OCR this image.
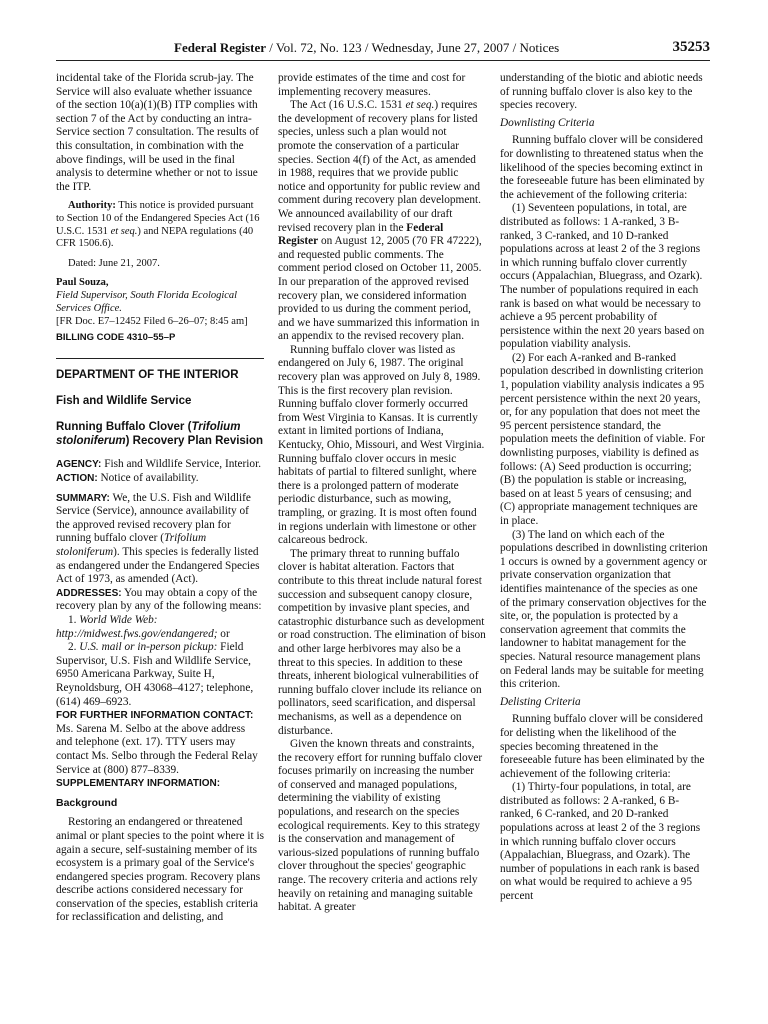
Federal Register / Vol. 72, No. 123 / Wednesday, June 27, 2007 / Notices	35253

incidental take of the Florida scrub-jay. The Service will also evaluate whether issuance of the section 10(a)(1)(B) ITP complies with section 7 of the Act by conducting an intra-Service section 7 consultation. The results of this consultation, in combination with the above findings, will be used in the final analysis to determine whether or not to issue the ITP.

Authority: This notice is provided pursuant to Section 10 of the Endangered Species Act (16 U.S.C. 1531 et seq.) and NEPA regulations (40 CFR 1506.6).

Dated: June 21, 2007.

Paul Souza,

Field Supervisor, South Florida Ecological Services Office.

[FR Doc. E7–12452 Filed 6–26–07; 8:45 am]

BILLING CODE 4310–55–P

DEPARTMENT OF THE INTERIOR

Fish and Wildlife Service

Running Buffalo Clover (Trifolium stoloniferum) Recovery Plan Revision

AGENCY: Fish and Wildlife Service, Interior.

ACTION: Notice of availability.

SUMMARY: We, the U.S. Fish and Wildlife Service (Service), announce availability of the approved revised recovery plan for running buffalo clover (Trifolium stoloniferum). This species is federally listed as endangered under the Endangered Species Act of 1973, as amended (Act).

ADDRESSES: You may obtain a copy of the recovery plan by any of the following means:

1. World Wide Web: http://midwest.fws.gov/endangered; or

2. U.S. mail or in-person pickup: Field Supervisor, U.S. Fish and Wildlife Service, 6950 Americana Parkway, Suite H, Reynoldsburg, OH 43068–4127; telephone, (614) 469–6923.

FOR FURTHER INFORMATION CONTACT: Ms. Sarena M. Selbo at the above address and telephone (ext. 17). TTY users may contact Ms. Selbo through the Federal Relay Service at (800) 877–8339.

SUPPLEMENTARY INFORMATION:

Background

Restoring an endangered or threatened animal or plant species to the point where it is again a secure, self-sustaining member of its ecosystem is a primary goal of the Service's endangered species program. Recovery plans describe actions considered necessary for conservation of the species, establish criteria for reclassification and delisting, and

provide estimates of the time and cost for implementing recovery measures.

The Act (16 U.S.C. 1531 et seq.) requires the development of recovery plans for listed species, unless such a plan would not promote the conservation of a particular species. Section 4(f) of the Act, as amended in 1988, requires that we provide public notice and opportunity for public review and comment during recovery plan development. We announced availability of our draft revised recovery plan in the Federal Register on August 12, 2005 (70 FR 47222), and requested public comments. The comment period closed on October 11, 2005. In our preparation of the approved revised recovery plan, we considered information provided to us during the comment period, and we have summarized this information in an appendix to the revised recovery plan.

Running buffalo clover was listed as endangered on July 6, 1987. The original recovery plan was approved on July 8, 1989. This is the first recovery plan revision. Running buffalo clover formerly occurred from West Virginia to Kansas. It is currently extant in limited portions of Indiana, Kentucky, Ohio, Missouri, and West Virginia. Running buffalo clover occurs in mesic habitats of partial to filtered sunlight, where there is a prolonged pattern of moderate periodic disturbance, such as mowing, trampling, or grazing. It is most often found in regions underlain with limestone or other calcareous bedrock.

The primary threat to running buffalo clover is habitat alteration. Factors that contribute to this threat include natural forest succession and subsequent canopy closure, competition by invasive plant species, and catastrophic disturbance such as development or road construction. The elimination of bison and other large herbivores may also be a threat to this species. In addition to these threats, inherent biological vulnerabilities of running buffalo clover include its reliance on pollinators, seed scarification, and dispersal mechanisms, as well as a dependence on disturbance.

Given the known threats and constraints, the recovery effort for running buffalo clover focuses primarily on increasing the number of conserved and managed populations, determining the viability of existing populations, and research on the species ecological requirements. Key to this strategy is the conservation and management of various-sized populations of running buffalo clover throughout the species' geographic range. The recovery criteria and actions rely heavily on retaining and managing suitable habitat. A greater

understanding of the biotic and abiotic needs of running buffalo clover is also key to the species recovery.

Downlisting Criteria

Running buffalo clover will be considered for downlisting to threatened status when the likelihood of the species becoming extinct in the foreseeable future has been eliminated by the achievement of the following criteria:

(1) Seventeen populations, in total, are distributed as follows: 1 A-ranked, 3 B-ranked, 3 C-ranked, and 10 D-ranked populations across at least 2 of the 3 regions in which running buffalo clover currently occurs (Appalachian, Bluegrass, and Ozark). The number of populations required in each rank is based on what would be necessary to achieve a 95 percent probability of persistence within the next 20 years based on population viability analysis.

(2) For each A-ranked and B-ranked population described in downlisting criterion 1, population viability analysis indicates a 95 percent persistence within the next 20 years, or, for any population that does not meet the 95 percent persistence standard, the population meets the definition of viable. For downlisting purposes, viability is defined as follows: (A) Seed production is occurring; (B) the population is stable or increasing, based on at least 5 years of censusing; and (C) appropriate management techniques are in place.

(3) The land on which each of the populations described in downlisting criterion 1 occurs is owned by a government agency or private conservation organization that identifies maintenance of the species as one of the primary conservation objectives for the site, or, the population is protected by a conservation agreement that commits the landowner to habitat management for the species. Natural resource management plans on Federal lands may be suitable for meeting this criterion.

Delisting Criteria

Running buffalo clover will be considered for delisting when the likelihood of the species becoming threatened in the foreseeable future has been eliminated by the achievement of the following criteria:

(1) Thirty-four populations, in total, are distributed as follows: 2 A-ranked, 6 B-ranked, 6 C-ranked, and 20 D-ranked populations across at least 2 of the 3 regions in which running buffalo clover occurs (Appalachian, Bluegrass, and Ozark). The number of populations in each rank is based on what would be required to achieve a 95 percent
